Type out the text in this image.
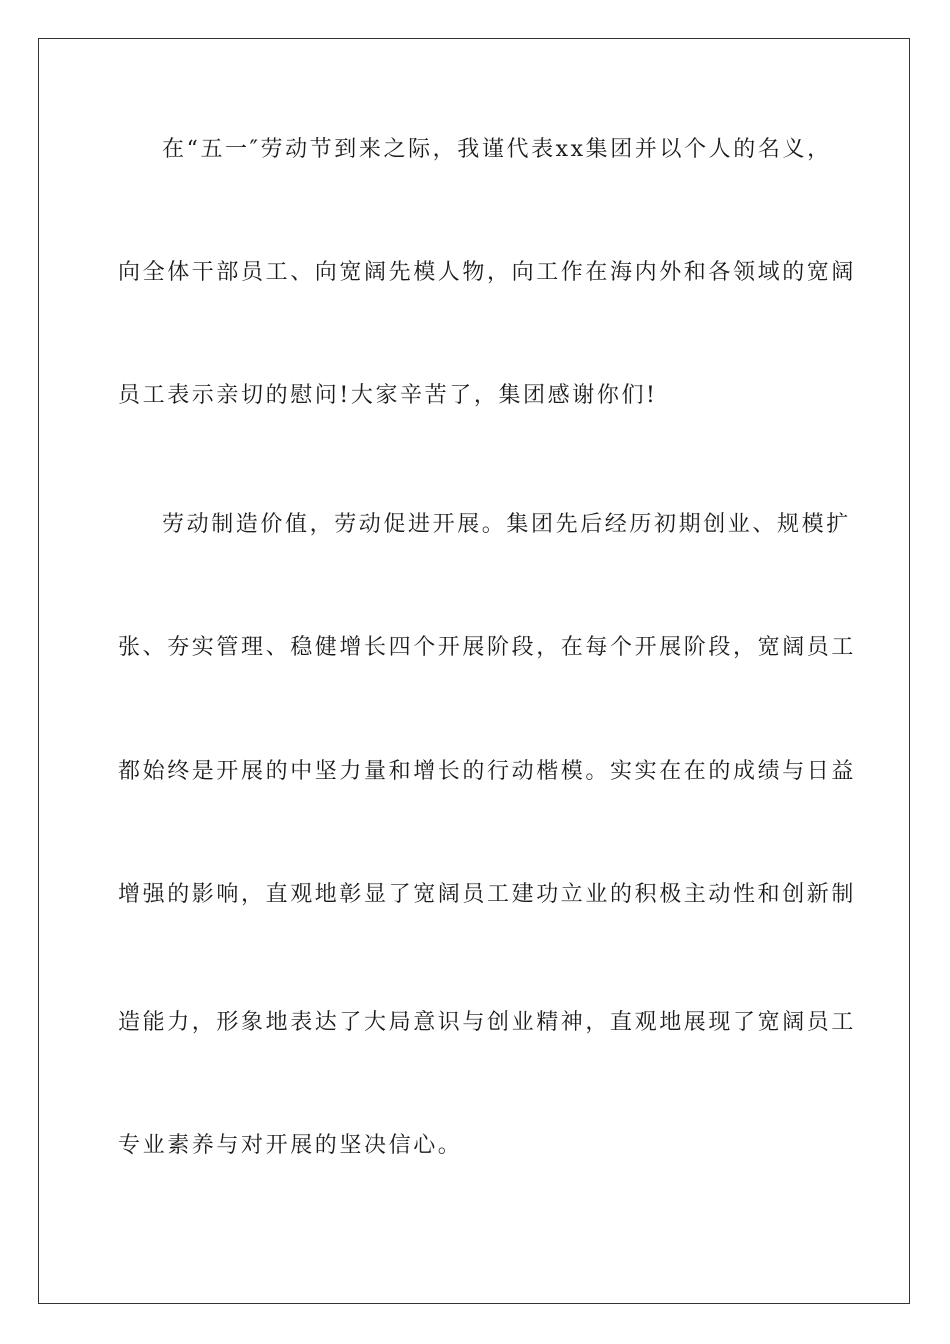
在“五一″劳动节到来之际，我谨代表xx集团并以个人的名义，
向全体干部员工、向宽阔先模人物，向工作在海内外和各领域的宽阔
员工表示亲切的慰问!大家辛苦了，集团感谢你们!
劳动制造价值，劳动促进开展。集团先后经历初期创业、规模扩
张、夯实管理、稳健增长四个开展阶段，在每个开展阶段，宽阔员工
都始终是开展的中坚力量和增长的行动楷模。实实在在的成绩与日益
增强的影响，直观地彰显了宽阔员工建功立业的积极主动性和创新制
造能力，形象地表达了大局意识与创业精神，直观地展现了宽阔员工
专业素养与对开展的坚决信心。
